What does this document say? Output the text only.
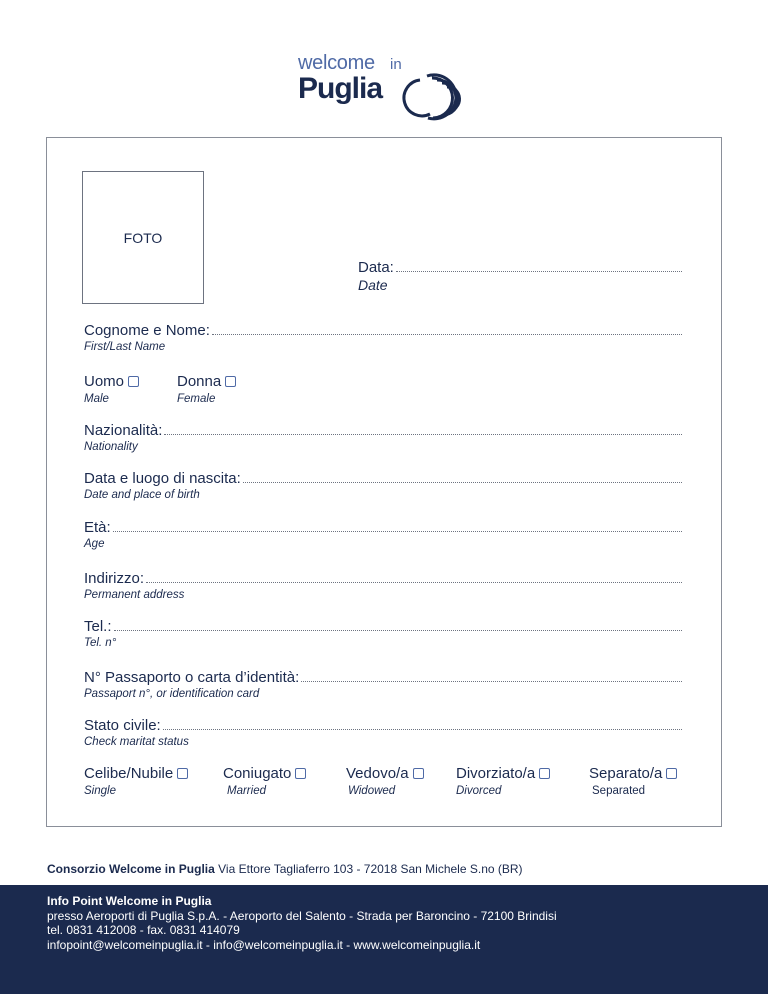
welcome in
Puglia
FOTO
Data:
Date
Cognome e Nome:
First/Last Name
Uomo
Male
Donna
Female
Nazionalità:
Nationality
Data e luogo di nascita:
Date and place of birth
Età:
Age
Indirizzo:
Permanent address
Tel.:
Tel. n°
N° Passaporto o carta d’identità:
Passaport n°, or identification card
Stato civile:
Check maritat status
Celibe/Nubile
Single
Coniugato
Married
Vedovo/a
Widowed
Divorziato/a
Divorced
Separato/a
Separated
Consorzio Welcome in Puglia Via Ettore Tagliaferro 103 - 72018 San Michele S.no (BR)
Info Point Welcome in Puglia
presso Aeroporti di Puglia S.p.A. - Aeroporto del Salento - Strada per Baroncino - 72100 Brindisi
tel. 0831 412008 - fax. 0831 414079
infopoint@welcomeinpuglia.it - info@welcomeinpuglia.it - www.welcomeinpuglia.it
